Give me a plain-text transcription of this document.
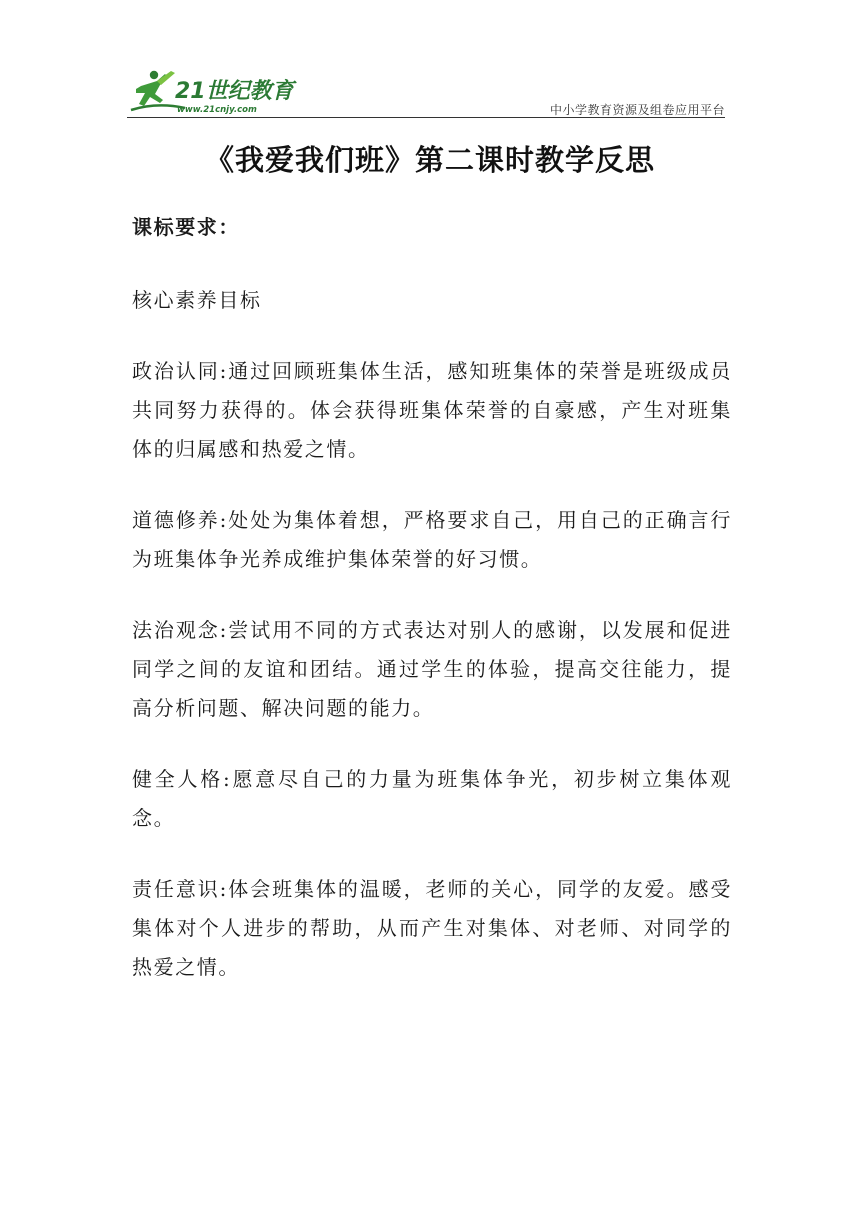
21世纪教育
www.21cnjy.com	中小学教育资源及组卷应用平台
《我爱我们班》第二课时教学反思

课标要求：

核心素养目标

政治认同:通过回顾班集体生活，感知班集体的荣誉是班级成员共同努力获得的。体会获得班集体荣誉的自豪感，产生对班集体的归属感和热爱之情。

道德修养:处处为集体着想，严格要求自己，用自己的正确言行为班集体争光养成维护集体荣誉的好习惯。

法治观念:尝试用不同的方式表达对别人的感谢，以发展和促进同学之间的友谊和团结。通过学生的体验，提高交往能力，提高分析问题、解决问题的能力。

健全人格:愿意尽自己的力量为班集体争光，初步树立集体观念。

责任意识:体会班集体的温暖，老师的关心，同学的友爱。感受集体对个人进步的帮助，从而产生对集体、对老师、对同学的热爱之情。
